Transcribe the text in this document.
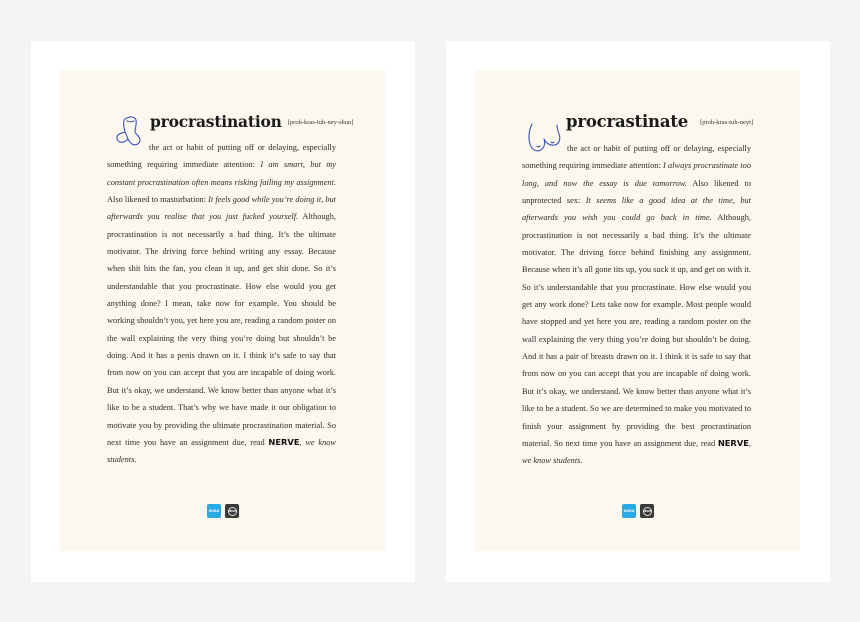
procrastination [proh-kras-tuh-ney-shun]

the act or habit of putting off or delaying, especially something requiring immediate attention: I am smart, but my constant procrastination often means risking failing my assignment. Also likened to masturbation: It feels good while you’re doing it, but afterwards you realise that you just fucked yourself. Although, procrastination is not necessarily a bad thing. It’s the ultimate motivator. The driving force behind writing any essay. Because when shit hits the fan, you clean it up, and get shit done. So it’s understandable that you procrastinate. How else would you get anything done? I mean, take now for example. You should be working shouldn’t you, yet here you are, reading a random poster on the wall explaining the very thing you’re doing but shouldn’t be doing. And it has a penis drawn on it. I think it’s safe to say that from now on you can accept that you are incapable of doing work. But it’s okay, we understand. We know better than anyone what it’s like to be a student. That’s why we have made it our obligation to motivate you by providing the ultimate procrastination material. So next time you have an assignment due, read NERVE, we know students.

SUSU	NERVE
procrastinate [proh-kras-tuh-neyt]

the act or habit of putting off or delaying, especially something requiring immediate attention: I always procrastinate too long, and now the essay is due tomorrow. Also likened to unprotected sex: It seems like a good idea at the time, but afterwards you wish you could go back in time. Although, procrastination is not necessarily a bad thing. It’s the ultimate motivator. The driving force behind finishing any assignment. Because when it’s all gone tits up, you suck it up, and get on with it. So it’s understandable that you procrastinate. How else would you get any work done? Lets take now for example. Most people would have stopped and yet here you are, reading a random poster on the wall explaining the very thing you’re doing but shouldn’t be doing. And it has a pair of breasts drawn on it. I think it is safe to say that from now on you can accept that you are incapable of doing work. But it’s okay, we understand. We know better than anyone what it’s like to be a student. So we are determined to make you motivated to finish your assignment by providing the best procrastination material. So next time you have an assignment due, read NERVE, we know students.

SUSU	NERVE
